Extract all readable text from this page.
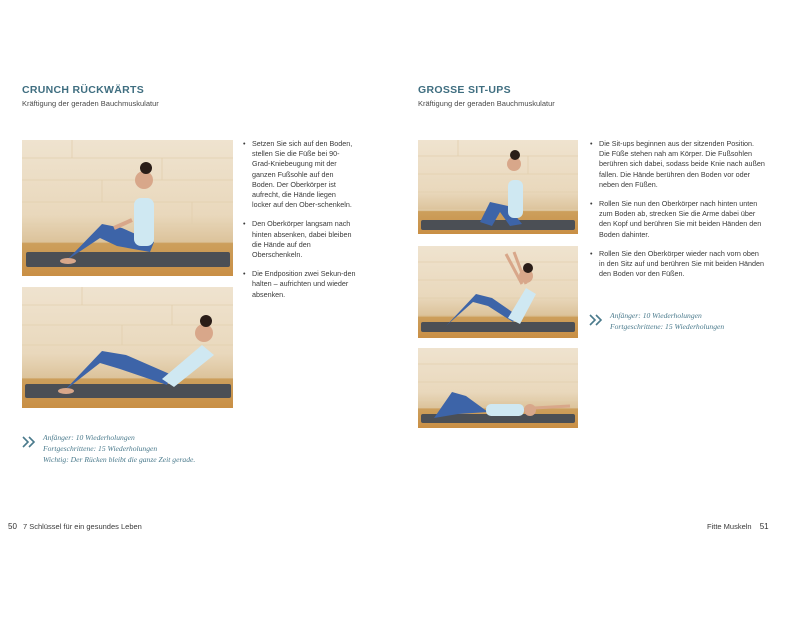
CRUNCH RÜCKWÄRTS
Kräftigung der geraden Bauchmuskulatur
• Setzen Sie sich auf den Boden, stellen Sie die Füße bei 90-Grad-Kniebeugung mit der ganzen Fußsohle auf den Boden. Der Oberkörper ist aufrecht, die Hände liegen locker auf den Ober-schenkeln.
• Den Oberkörper langsam nach hinten absenken, dabei bleiben die Hände auf den Oberschenkeln.
• Die Endposition zwei Sekun-den halten – aufrichten und wieder absenken.
Anfänger: 10 Wiederholungen
Fortgeschrittene: 15 Wiederholungen
Wichtig: Der Rücken bleibt die ganze Zeit gerade.
50 7 Schlüssel für ein gesundes Leben
GROSSE SIT-UPS
Kräftigung der geraden Bauchmuskulatur
• Die Sit-ups beginnen aus der sitzenden Position. Die Füße stehen nah am Körper. Die Fußsohlen berühren sich dabei, sodass beide Knie nach außen fallen. Die Hände berühren den Boden vor oder neben den Füßen.
• Rollen Sie nun den Oberkörper nach hinten unten zum Boden ab, strecken Sie die Arme dabei über den Kopf und berühren Sie mit beiden Händen den Boden dahinter.
• Rollen Sie den Oberkörper wieder nach vorn oben in den Sitz auf und berühren Sie mit beiden Händen den Boden vor den Füßen.
Anfänger: 10 Wiederholungen
Fortgeschrittene: 15 Wiederholungen
Fitte Muskeln 51
